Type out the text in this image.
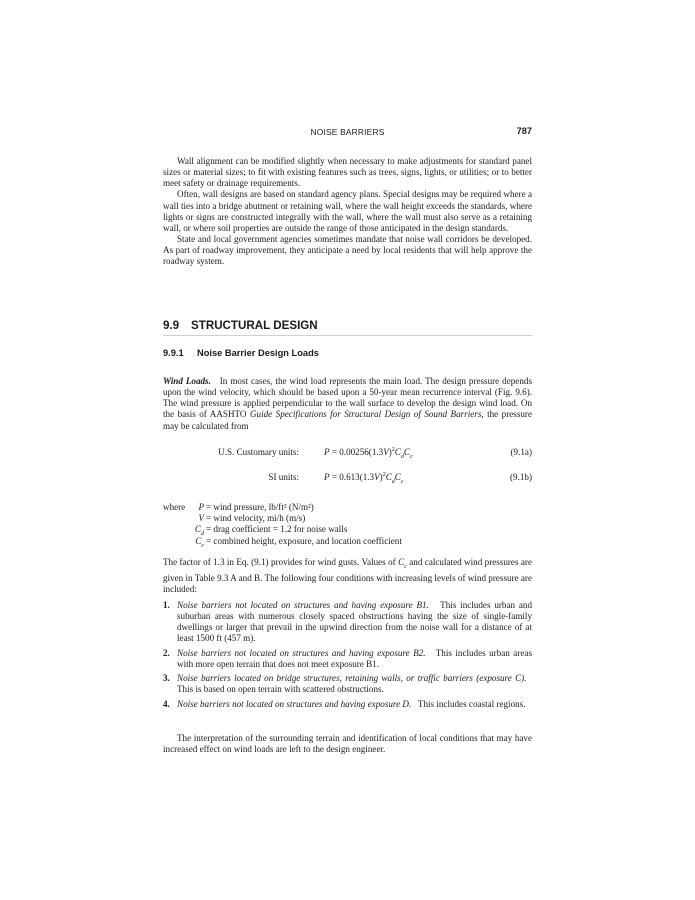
NOISE BARRIERS	787

Wall alignment can be modified slightly when necessary to make adjustments for standard panel sizes or material sizes; to fit with existing features such as trees, signs, lights, or utilities; or to better meet safety or drainage requirements.

Often, wall designs are based on standard agency plans. Special designs may be required where a wall ties into a bridge abutment or retaining wall, where the wall height exceeds the standards, where lights or signs are constructed integrally with the wall, where the wall must also serve as a retaining wall, or where soil properties are outside the range of those anticipated in the design standards.

State and local government agencies sometimes mandate that noise wall corridors be developed. As part of roadway improvement, they anticipate a need by local residents that will help approve the roadway system.

9.9 STRUCTURAL DESIGN
9.9.1 Noise Barrier Design Loads

Wind Loads. In most cases, the wind load represents the main load. The design pressure depends upon the wind velocity, which should be based upon a 50-year mean recurrence interval (Fig. 9.6). The wind pressure is applied perpendicular to the wall surface to develop the design wind load. On the basis of AASHTO Guide Specifications for Structural Design of Sound Barriers, the pressure may be calculated from

U.S. Customary units:	$P = 0.00256(1.3V)^2C_dC_c$	(9.1a)
SI units:	$P = 0.613(1.3V)^2C_dC_c$	(9.1b)
where P = wind pressure, lb/ft² (N/m²)
V = wind velocity, mi/h (m/s)
$C_d$ = drag coefficient = 1.2 for noise walls
$C_c$ = combined height, exposure, and location coefficient

The factor of 1.3 in Eq. (9.1) provides for wind gusts. Values of $C_c$ and calculated wind pressures are given in Table 9.3 A and B. The following four conditions with increasing levels of wind pressure are included:

1. Noise barriers not located on structures and having exposure B1. This includes urban and suburban areas with numerous closely spaced obstructions having the size of single-family dwellings or larger that prevail in the upwind direction from the noise wall for a distance of at least 1500 ft (457 m).
2. Noise barriers not located on structures and having exposure B2. This includes urban areas with more open terrain that does not meet exposure B1.
3. Noise barriers located on bridge structures, retaining walls, or traffic barriers (exposure C).   This is based on open terrain with scattered obstructions.
4. Noise barriers not located on structures and having exposure D. This includes coastal regions.

The interpretation of the surrounding terrain and identification of local conditions that may have increased effect on wind loads are left to the design engineer.
